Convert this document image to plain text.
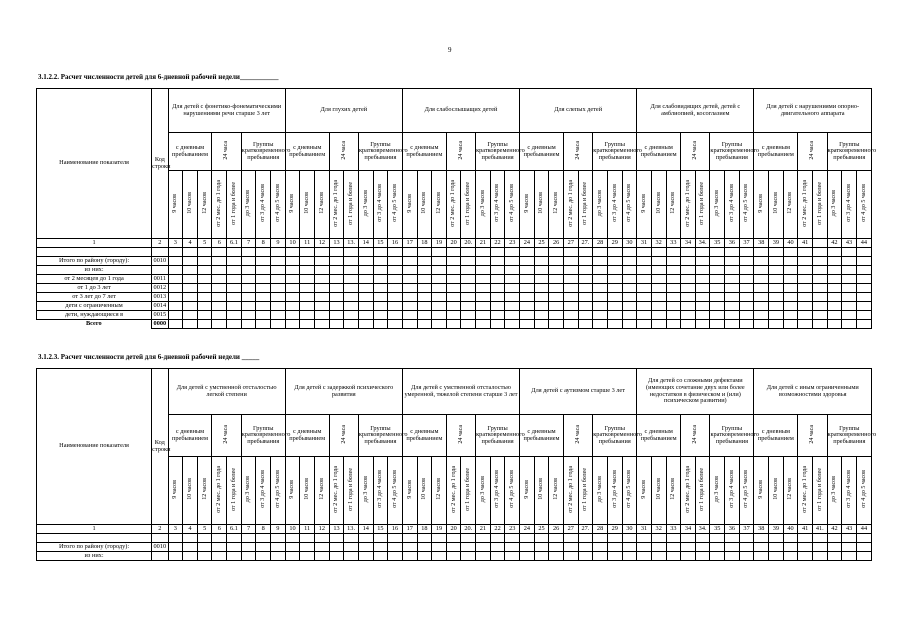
9
3.1.2.2. Расчет численности детей для 6-дневной рабочей недели___________
Наименование показателя	Код строки	Для детей с фонетико-фонематическими нарушениями речи старше 3 лет								Для глухих детей								Для слабослышащих детей								Для слепых детей								Для слабовидящих детей, детей с амблиопией, косоглазием								Для детей с нарушениями опорно-двигательного аппарата							
		с дневным пребыванием			24 часа		Группы кратковременного пребывания			с дневным пребыванием			24 часа		Группы кратковременного пребывания			с дневным пребыванием			24 часа		Группы кратковременного пребывания			с дневным пребыванием			24 часа		Группы кратковременного пребывания			с дневным пребыванием			24 часа		Группы кратковременного пребывания			с дневным пребыванием			24 часа		Группы кратковременного пребывания		
		9 часов	10 часов	12 часов	от 2 мес. до 1 года	от 1 года и более	до 3 часов	от 3 до 4 часов	от 4 до 5 часов	9 часов	10 часов	12 часов	от 2 мес. до 1 года	от 1 года и более	до 3 часов	от 3 до 4 часов	от 4 до 5 часов	9 часов	10 часов	12 часов	от 2 мес. до 1 года	от 1 года и более	до 3 часов	от 3 до 4 часов	от 4 до 5 часов	9 часов	10 часов	12 часов	от 2 мес. до 1 года	от 1 года и более	до 3 часов	от 3 до 4 часов	от 4 до 5 часов	9 часов	10 часов	12 часов	от 2 мес. до 1 года	от 1 года и более	до 3 часов	от 3 до 4 часов	от 4 до 5 часов	9 часов	10 часов	12 часов	от 2 мес. до 1 года	от 1 года и более	до 3 часов	от 3 до 4 часов	от 4 до 5 часов
1	2	3	4	5	6	6.1	7	8	9	10	11	12	13	13.	14	15	16	17	18	19	20	20.	21	22	23	24	25	26	27	27.	28	29	30	31	32	33	34	34.	35	36	37	38	39	40	41		42	43	44

Итого по району (городу):	0010																																																
из них:																																																	
от 2 месяцев до 1 года	0011																																																
от 1 до 3 лет	0012																																																
от 3 лет до 7 лет	0013																																																
дети с ограниченным	0014																																																
дети, нуждающиеся в	0015																																																
Всего	0000																																																
3.1.2.3. Расчет численности детей для 6-дневной рабочей недели _____
Наименование показателя	Код строки	Для детей с умственной отсталостью легкой степени								Для детей с задержкой психического развития								Для детей с умственной отсталостью умеренной, тяжелой степени старше 3 лет								Для детей с аутизмом старше 3 лет								Для детей со сложными дефектами (имеющих сочетание двух или более недостатков в физическом и (или) психическом развитии)								Для детей с иным ограниченными возможностями здоровья							
		с дневным пребыванием			24 часа		Группы кратковременного пребывания			с дневным пребыванием			24 часа		Группы кратковременного пребывания			с дневным пребыванием			24 часа		Группы кратковременного пребывания			с дневным пребыванием			24 часа		Группы кратковременного пребывания			с дневным пребыванием			24 часа		Группы кратковременного пребывания			с дневным пребыванием			24 часа		Группы кратковременного пребывания		
		9 часов	10 часов	12 часов	от 2 мес. до 1 года	от 1 года и более	до 3 часов	от 3 до 4 часов	от 4 до 5 часов	9 часов	10 часов	12 часов	от 2 мес. до 1 года	от 1 года и более	до 3 часов	от 3 до 4 часов	от 4 до 5 часов	9 часов	10 часов	12 часов	от 2 мес. до 1 года	от 1 года и более	до 3 часов	от 3 до 4 часов	от 4 до 5 часов	9 часов	10 часов	12 часов	от 2 мес. до 1 года	от 1 года и более	до 3 часов	от 3 до 4 часов	от 4 до 5 часов	9 часов	10 часов	12 часов	от 2 мес. до 1 года	от 1 года и более	до 3 часов	от 3 до 4 часов	от 4 до 5 часов	9 часов	10 часов	12 часов	от 2 мес. до 1 года	от 1 года и более	до 3 часов	от 3 до 4 часов	от 4 до 5 часов
1	2	3	4	5	6	6.1	7	8	9	10	11	12	13	13.	14	15	16	17	18	19	20	20.	21	22	23	24	25	26	27	27.	28	29	30	31	32	33	34	34.	35	36	37	38	39	40	41	41.	42	43	44

Итого по району (городу):	0010																																																
из них:																																																	
